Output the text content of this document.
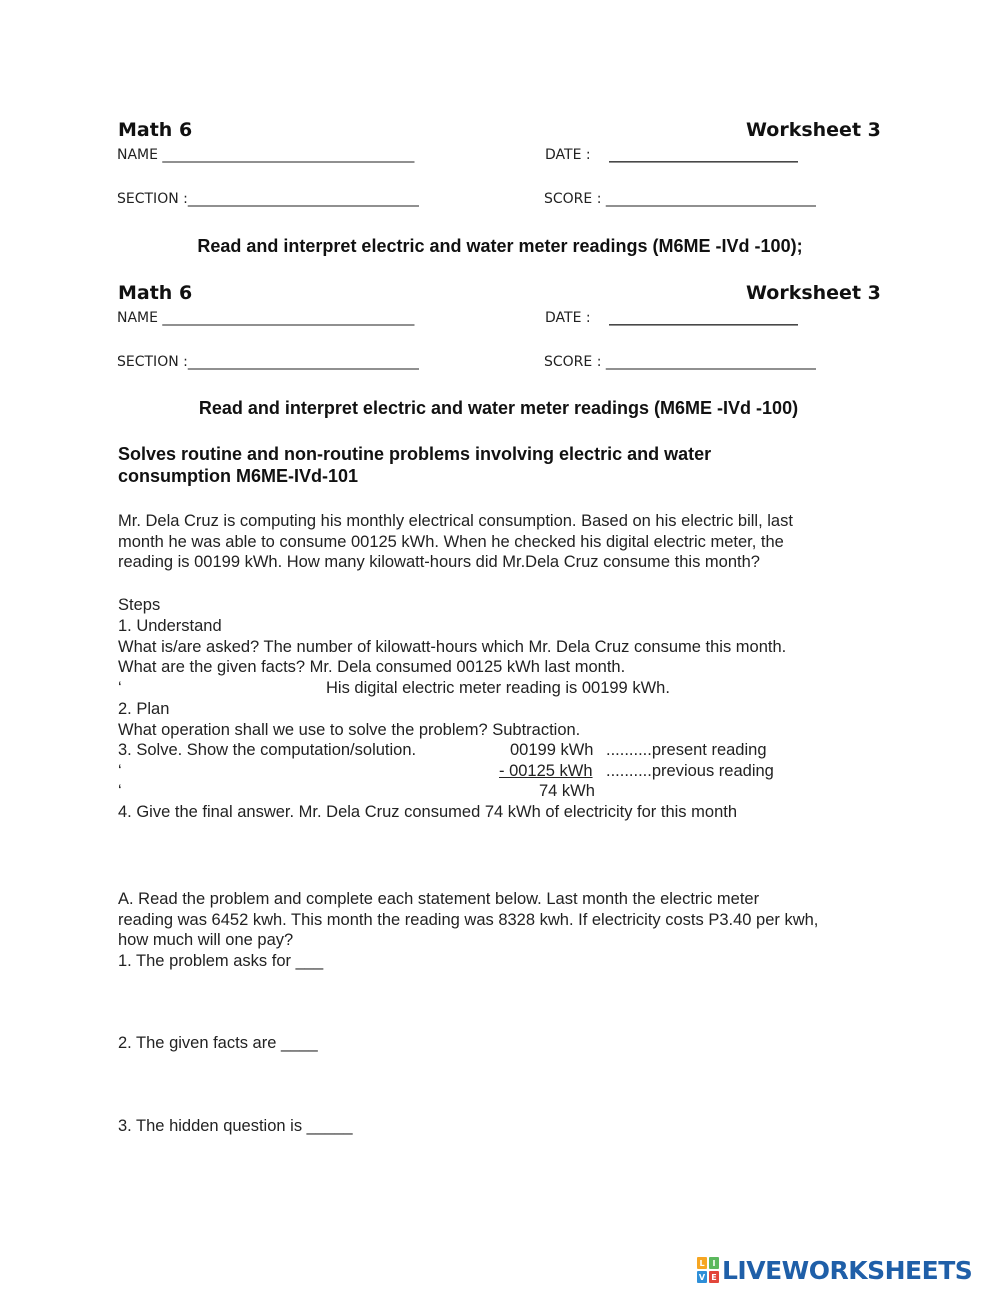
Math 6	Worksheet 3
NAME ____________________________________	DATE : ___________________________
SECTION :_________________________________	SCORE : ______________________________
Read and interpret electric and water meter readings (M6ME -IVd -100);
Math 6	Worksheet 3
NAME ____________________________________	DATE : ___________________________
SECTION :_________________________________	SCORE : ______________________________
Read and interpret electric and water meter readings (M6ME -IVd -100)
Solves routine and non-routine problems involving electric and water
consumption M6ME-IVd-101
Mr. Dela Cruz is computing his monthly electrical consumption. Based on his electric bill, last
month he was able to consume 00125 kWh. When he checked his digital electric meter, the
reading is 00199 kWh. How many kilowatt-hours did Mr.Dela Cruz consume this month?
Steps
1. Understand
What is/are asked? The number of kilowatt-hours which Mr. Dela Cruz consume this month.
What are the given facts? Mr. Dela consumed 00125 kWh last month.
‘	His digital electric meter reading is 00199 kWh.
2. Plan
What operation shall we use to solve the problem? Subtraction.
3. Solve. Show the computation/solution.	00199 kWh ..........present reading
‘	- 00125 kWh ..........previous reading
‘	74 kWh
4. Give the final answer. Mr. Dela Cruz consumed 74 kWh of electricity for this month
A. Read the problem and complete each statement below. Last month the electric meter
reading was 6452 kwh. This month the reading was 8328 kwh. If electricity costs P3.40 per kwh,
how much will one pay?
1. The problem asks for ___
2. The given facts are ____
3. The hidden question is _____
L I
V E LIVEWORKSHEETS
